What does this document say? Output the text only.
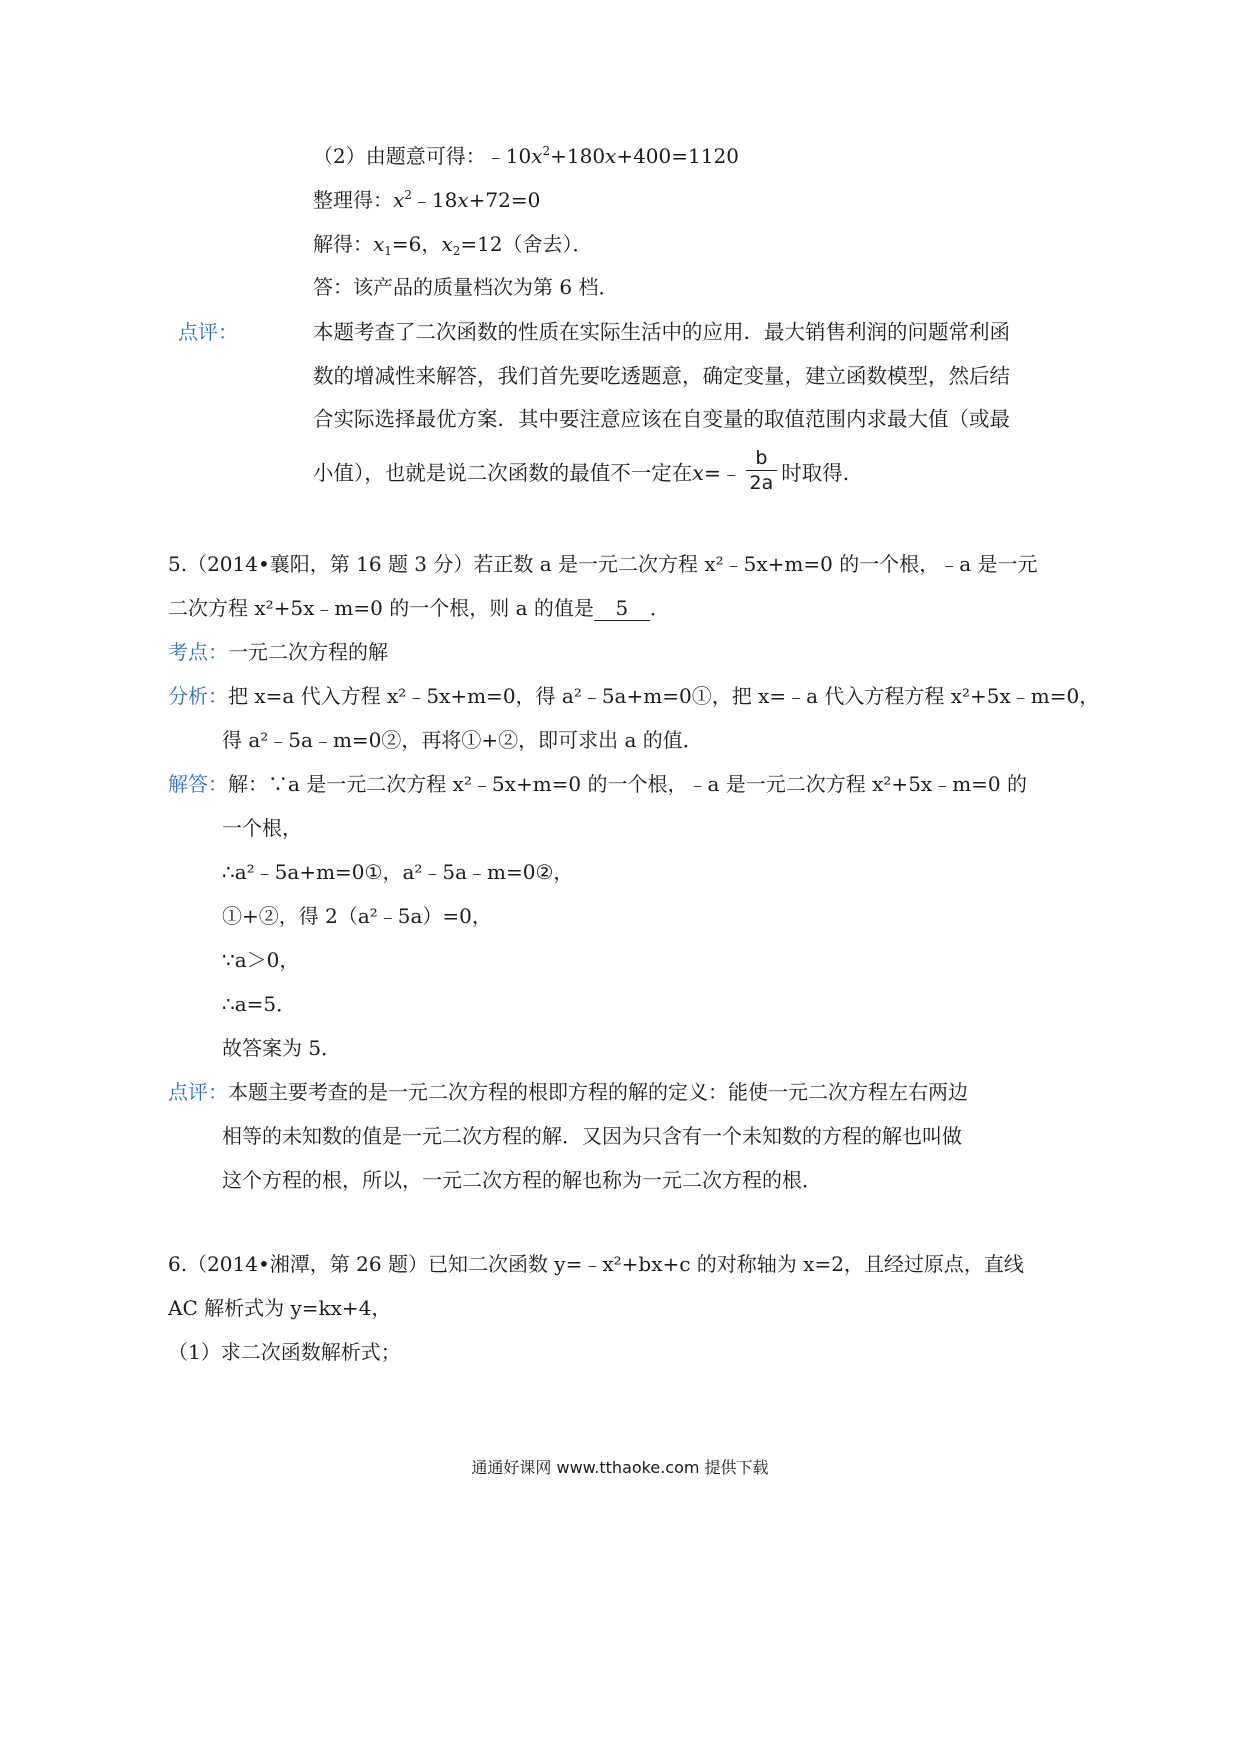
（2）由题意可得：$﹣10x^2+180x+400=1120$
整理得：$x^2﹣18x+72=0$
解得：$x_1=6$，$x_2=12$（舍去）．
答：该产品的质量档次为第 6 档．
点评：	本题考查了二次函数的性质在实际生活中的应用．最大销售利润的问题常利函
数的增减性来解答，我们首先要吃透题意，确定变量，建立函数模型，然后结
合实际选择最优方案．其中要注意应该在自变量的取值范围内求最大值（或最
小值），也就是说二次函数的最值不一定在x=﹣ $\frac{b}{2a}$ 时取得．
5.（2014•襄阳，第 16 题 3 分）若正数 a 是一元二次方程 x²﹣5x+m=0 的一个根，﹣a 是一元
二次方程 x²+5x﹣m=0 的一个根，则 a 的值是 5 ．
考点：一元二次方程的解
分析：把 x=a 代入方程 x²﹣5x+m=0，得 a²﹣5a+m=0①，把 x=﹣a 代入方程方程 x²+5x﹣m=0，
得 a²﹣5a﹣m=0②，再将①+②，即可求出 a 的值．
解答：解：∵a 是一元二次方程 x²﹣5x+m=0 的一个根，﹣a 是一元二次方程 x²+5x﹣m=0 的
一个根，
∴a²﹣5a+m=0①，a²﹣5a﹣m=0②，
①+②，得 2（a²﹣5a）=0，
∵a＞0，
∴a=5．
故答案为 5．
点评：本题主要考查的是一元二次方程的根即方程的解的定义：能使一元二次方程左右两边
相等的未知数的值是一元二次方程的解．又因为只含有一个未知数的方程的解也叫做
这个方程的根，所以，一元二次方程的解也称为一元二次方程的根．
6.（2014•湘潭，第 26 题）已知二次函数 y=﹣x²+bx+c 的对称轴为 x=2，且经过原点，直线
AC 解析式为 y=kx+4，
（1）求二次函数解析式；
通通好课网 www.tthaoke.com 提供下载
